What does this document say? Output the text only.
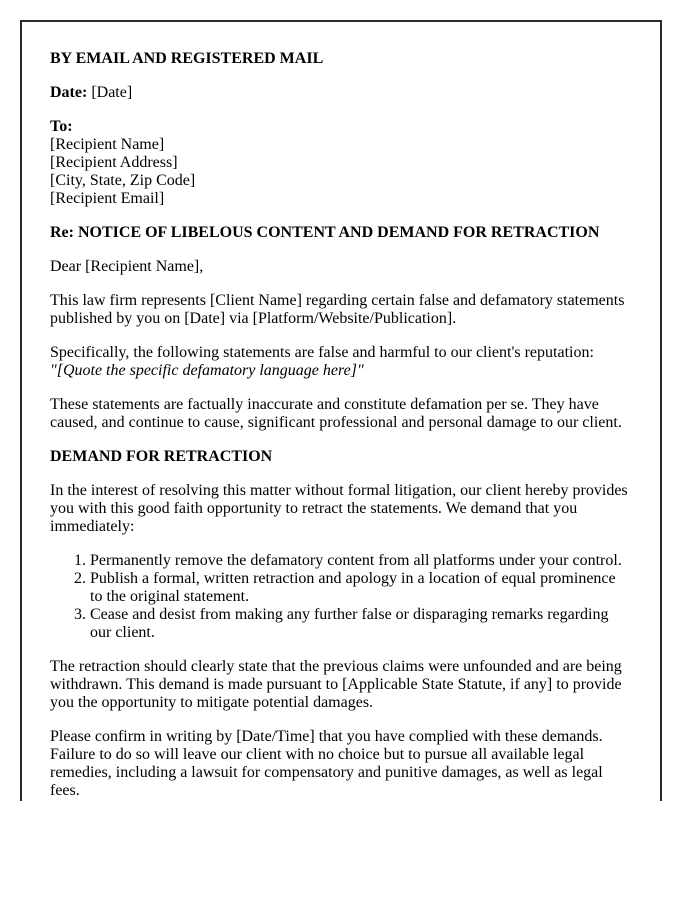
BY EMAIL AND REGISTERED MAIL

Date: [Date]

To:
[Recipient Name]
[Recipient Address]
[City, State, Zip Code]
[Recipient Email]

Re: NOTICE OF LIBELOUS CONTENT AND DEMAND FOR RETRACTION

Dear [Recipient Name],

This law firm represents [Client Name] regarding certain false and defamatory statements published by you on [Date] via [Platform/Website/Publication].

Specifically, the following statements are false and harmful to our client's reputation:
"[Quote the specific defamatory language here]"

These statements are factually inaccurate and constitute defamation per se. They have caused, and continue to cause, significant professional and personal damage to our client.

DEMAND FOR RETRACTION

In the interest of resolving this matter without formal litigation, our client hereby provides you with this good faith opportunity to retract the statements. We demand that you immediately:

1. Permanently remove the defamatory content from all platforms under your control.
2. Publish a formal, written retraction and apology in a location of equal prominence to the original statement.
3. Cease and desist from making any further false or disparaging remarks regarding our client.

The retraction should clearly state that the previous claims were unfounded and are being withdrawn. This demand is made pursuant to [Applicable State Statute, if any] to provide you the opportunity to mitigate potential damages.

Please confirm in writing by [Date/Time] that you have complied with these demands. Failure to do so will leave our client with no choice but to pursue all available legal remedies, including a lawsuit for compensatory and punitive damages, as well as legal fees.
